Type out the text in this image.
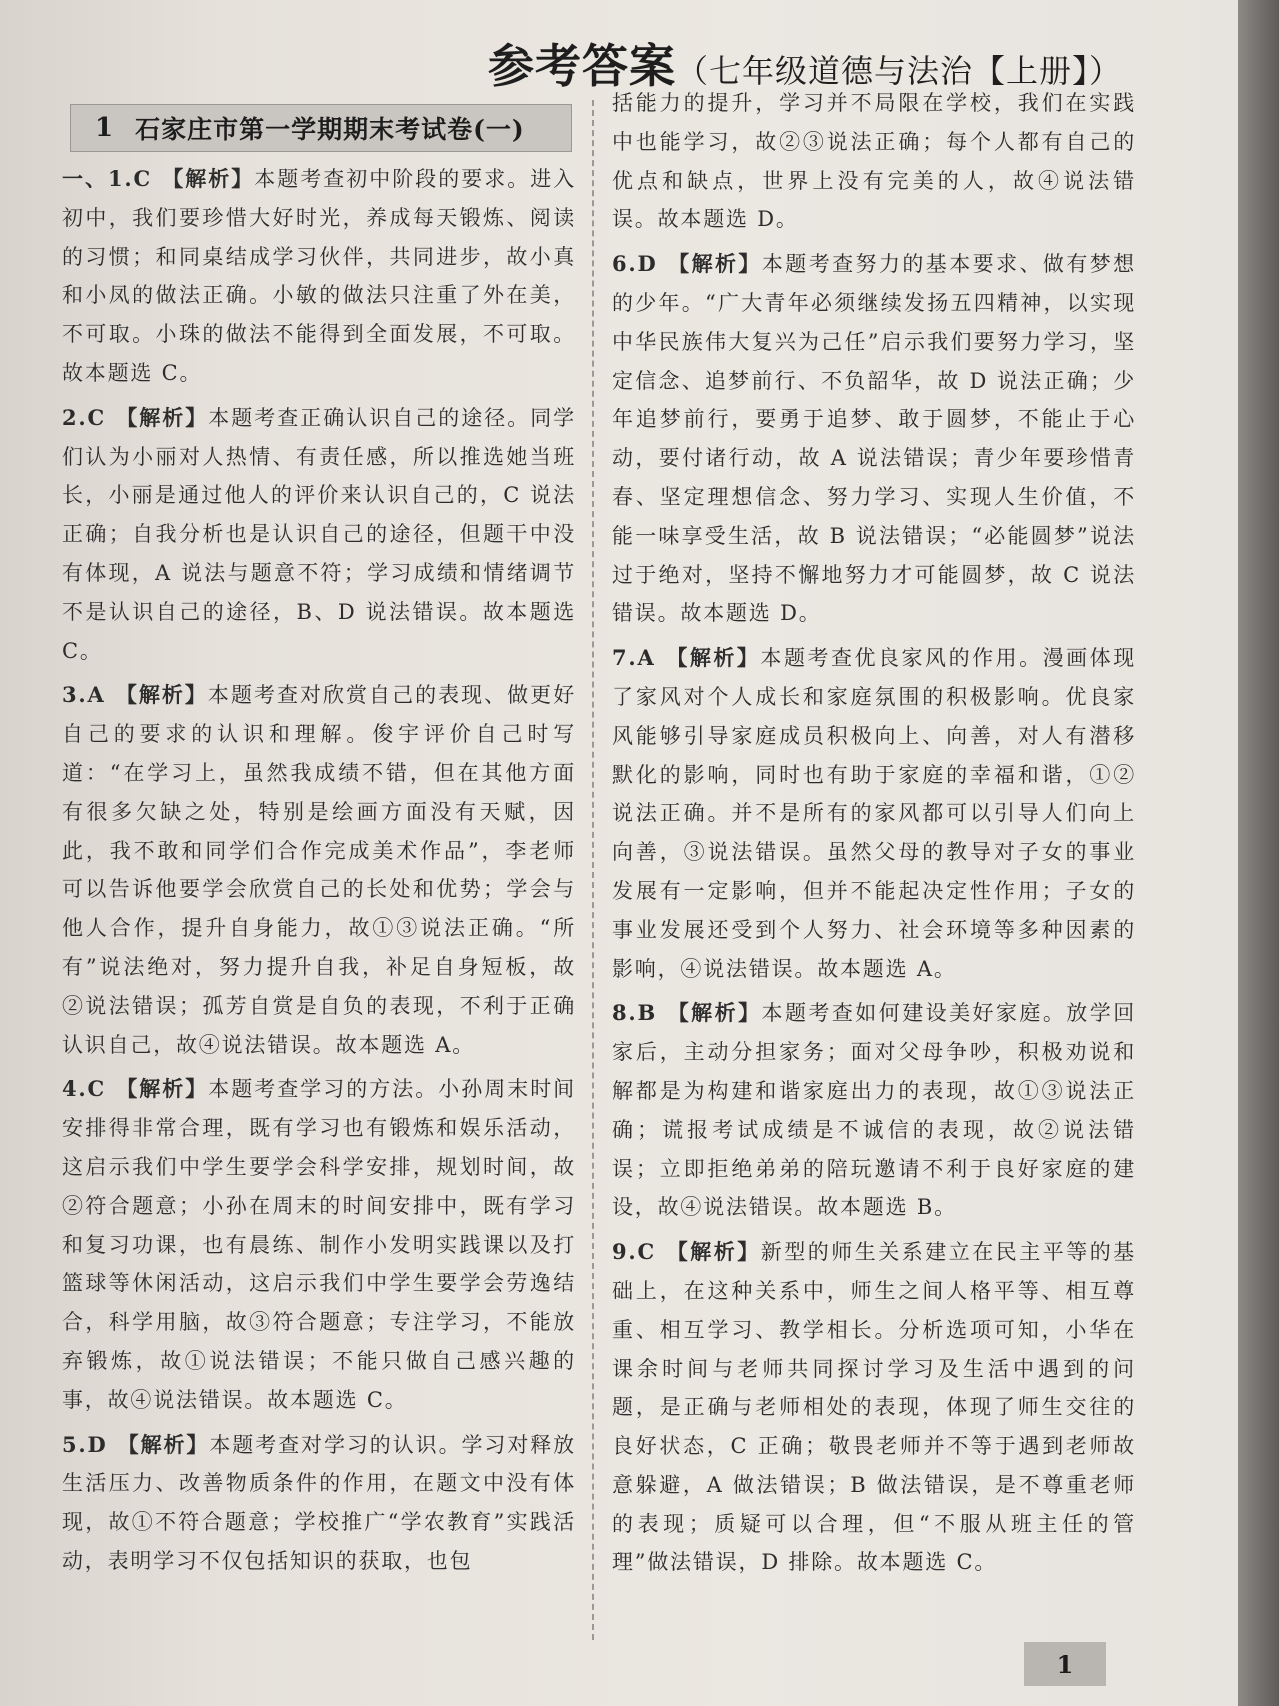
参考答案（七年级道德与法治【上册】）
1 石家庄市第一学期期末考试卷(一)

一、1.C 【解析】本题考查初中阶段的要求。进入初中，我们要珍惜大好时光，养成每天锻炼、阅读的习惯；和同桌结成学习伙伴，共同进步，故小真和小凤的做法正确。小敏的做法只注重了外在美，不可取。小珠的做法不能得到全面发展，不可取。故本题选 C。

2.C 【解析】本题考查正确认识自己的途径。同学们认为小丽对人热情、有责任感，所以推选她当班长，小丽是通过他人的评价来认识自己的，C 说法正确；自我分析也是认识自己的途径，但题干中没有体现，A 说法与题意不符；学习成绩和情绪调节不是认识自己的途径，B、D 说法错误。故本题选 C。

3.A 【解析】本题考查对欣赏自己的表现、做更好自己的要求的认识和理解。俊宇评价自己时写道：“在学习上，虽然我成绩不错，但在其他方面有很多欠缺之处，特别是绘画方面没有天赋，因此，我不敢和同学们合作完成美术作品”，李老师可以告诉他要学会欣赏自己的长处和优势；学会与他人合作，提升自身能力，故①③说法正确。“所有”说法绝对，努力提升自我，补足自身短板，故②说法错误；孤芳自赏是自负的表现，不利于正确认识自己，故④说法错误。故本题选 A。

4.C 【解析】本题考查学习的方法。小孙周末时间安排得非常合理，既有学习也有锻炼和娱乐活动，这启示我们中学生要学会科学安排，规划时间，故②符合题意；小孙在周末的时间安排中，既有学习和复习功课，也有晨练、制作小发明实践课以及打篮球等休闲活动，这启示我们中学生要学会劳逸结合，科学用脑，故③符合题意；专注学习，不能放弃锻炼，故①说法错误；不能只做自己感兴趣的事，故④说法错误。故本题选 C。

5.D 【解析】本题考查对学习的认识。学习对释放生活压力、改善物质条件的作用，在题文中没有体现，故①不符合题意；学校推广“学农教育”实践活动，表明学习不仅包括知识的获取，也包

括能力的提升，学习并不局限在学校，我们在实践中也能学习，故②③说法正确；每个人都有自己的优点和缺点，世界上没有完美的人，故④说法错误。故本题选 D。

6.D 【解析】本题考查努力的基本要求、做有梦想的少年。“广大青年必须继续发扬五四精神，以实现中华民族伟大复兴为己任”启示我们要努力学习，坚定信念、追梦前行、不负韶华，故 D 说法正确；少年追梦前行，要勇于追梦、敢于圆梦，不能止于心动，要付诸行动，故 A 说法错误；青少年要珍惜青春、坚定理想信念、努力学习、实现人生价值，不能一味享受生活，故 B 说法错误；“必能圆梦”说法过于绝对，坚持不懈地努力才可能圆梦，故 C 说法错误。故本题选 D。

7.A 【解析】本题考查优良家风的作用。漫画体现了家风对个人成长和家庭氛围的积极影响。优良家风能够引导家庭成员积极向上、向善，对人有潜移默化的影响，同时也有助于家庭的幸福和谐，①②说法正确。并不是所有的家风都可以引导人们向上向善，③说法错误。虽然父母的教导对子女的事业发展有一定影响，但并不能起决定性作用；子女的事业发展还受到个人努力、社会环境等多种因素的影响，④说法错误。故本题选 A。

8.B 【解析】本题考查如何建设美好家庭。放学回家后，主动分担家务；面对父母争吵，积极劝说和解都是为构建和谐家庭出力的表现，故①③说法正确；谎报考试成绩是不诚信的表现，故②说法错误；立即拒绝弟弟的陪玩邀请不利于良好家庭的建设，故④说法错误。故本题选 B。

9.C 【解析】新型的师生关系建立在民主平等的基础上，在这种关系中，师生之间人格平等、相互尊重、相互学习、教学相长。分析选项可知，小华在课余时间与老师共同探讨学习及生活中遇到的问题，是正确与老师相处的表现，体现了师生交往的良好状态，C 正确；敬畏老师并不等于遇到老师故意躲避，A 做法错误；B 做法错误，是不尊重老师的表现；质疑可以合理，但“不服从班主任的管理”做法错误，D 排除。故本题选 C。

1
